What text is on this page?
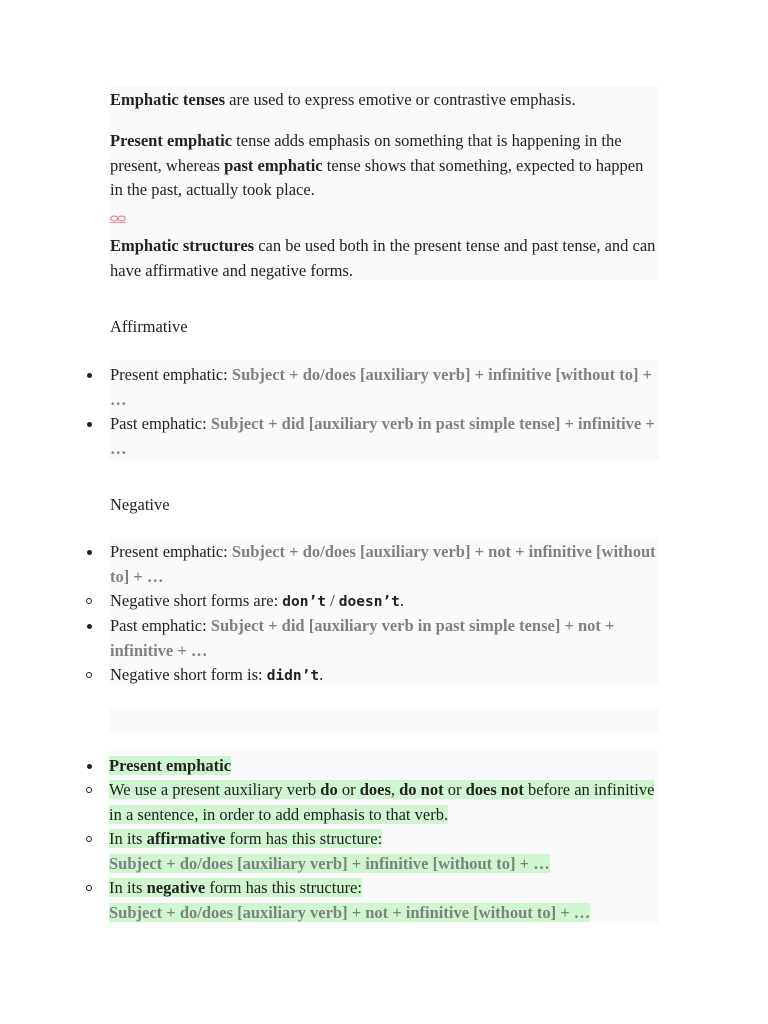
Emphatic tenses are used to express emotive or contrastive emphasis.

Present emphatic tense adds emphasis on something that is happening in the present, whereas past emphatic tense shows that something, expected to happen in the past, actually took place.

Emphatic structures can be used both in the present tense and past tense, and can have affirmative and negative forms.

Affirmative
Present emphatic: Subject + do/does [auxiliary verb] + infinitive [without to] + …
Past emphatic: Subject + did [auxiliary verb in past simple tense] + infinitive + …
Negative
Present emphatic: Subject + do/does [auxiliary verb] + not + infinitive [without to] + …
Negative short forms are: don’t / doesn’t.
Past emphatic: Subject + did [auxiliary verb in past simple tense] + not + infinitive + …
Negative short form is: didn’t.
Present emphatic
We use a present auxiliary verb do or does, do not or does not before an infinitive in a sentence, in order to add emphasis to that verb.
In its affirmative form has this structure:
Subject + do/does [auxiliary verb] + infinitive [without to] + …
In its negative form has this structure:
Subject + do/does [auxiliary verb] + not + infinitive [without to] + …
